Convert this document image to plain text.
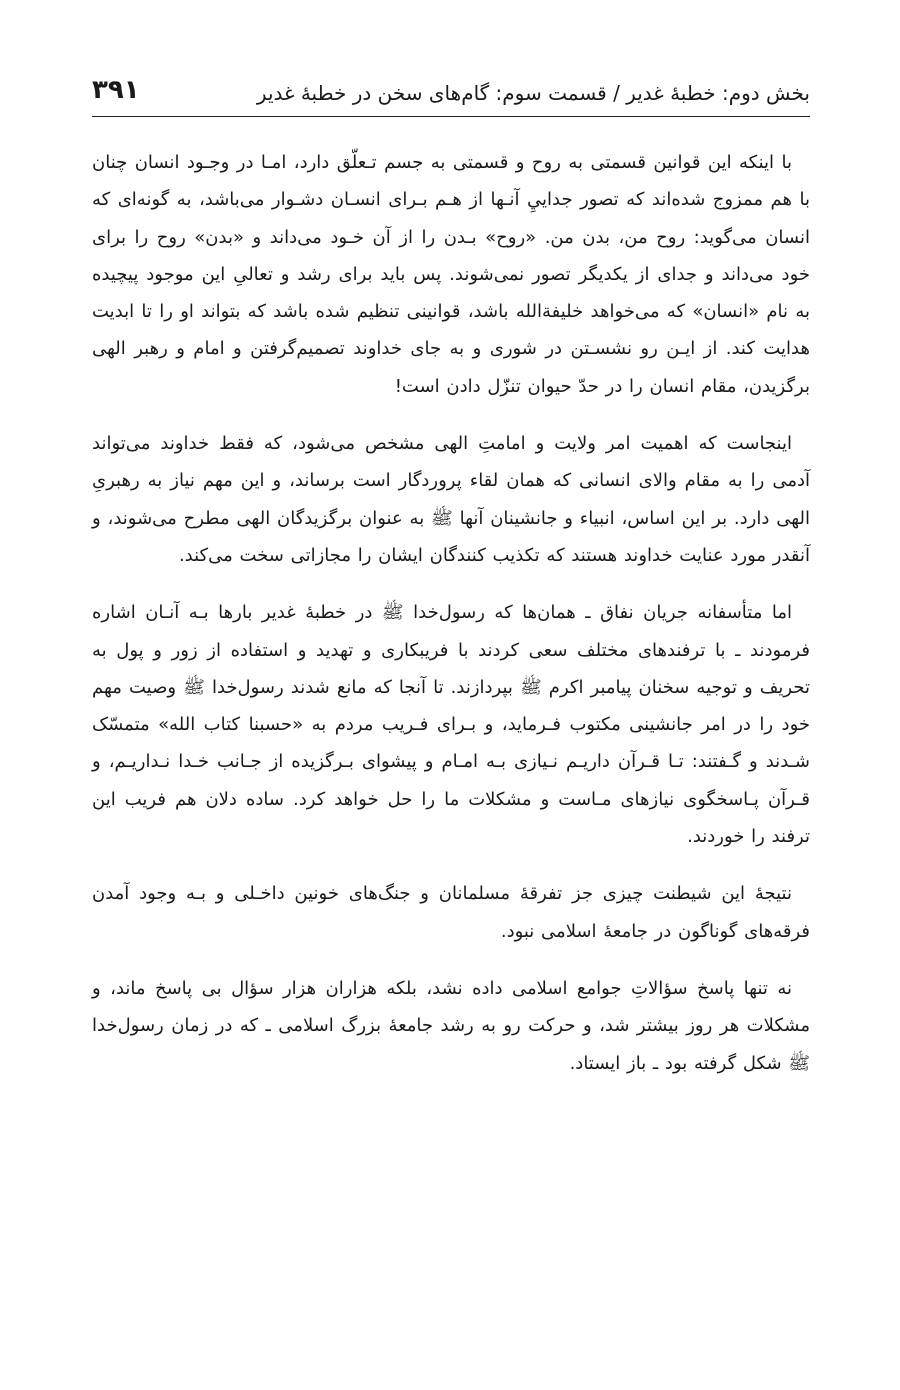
بخش دوم: خطبهٔ غدیر / قسمت سوم: گام‌های سخن در خطبهٔ غدیر
۳۹۱

با اینکه این قوانین قسمتی به روح و قسمتی به جسم تـعلّق دارد، امـا در وجـود انسان چنان با هم ممزوج شده‌اند که تصور جدایيِ آنـها از هـم بـرای انسـان دشـوار می‌باشد، به گونه‌ای که انسان می‌گوید: روح من، بدن من. «روح» بـدن را از آن خـود می‌داند و «بدن» روح را برای خود می‌داند و جدای از یکدیگر تصور نمی‌شوند. پس باید برای رشد و تعالیِ این موجود پیچیده به نام «انسان» که می‌خواهد خلیفة‌الله باشد، قوانینی تنظیم شده باشد که بتواند او را تا ابدیت هدایت کند. از ایـن رو نشسـتن در شوری و به جای خداوند تصمیم‌گرفتن و امام و رهبر الهی برگزیدن، مقام انسان را در حدّ حیوان تنزّل دادن است!

اینجاست که اهمیت امر ولایت و امامتِ الهی مشخص می‌شود، که فقط خداوند می‌تواند آدمی را به مقام والای انسانی که همان لقاء پروردگار است برساند، و این مهم نیاز به رهبریِ الهی دارد. بر این اساس، انبیاء و جانشینان آنها ﷺ به عنوان برگزیدگان الهی مطرح می‌شوند، و آنقدر مورد عنایت خداوند هستند که تکذیب کنندگان ایشان را مجازاتی سخت می‌کند.

اما متأسفانه جریان نفاق ـ همان‌ها که رسول‌خدا ﷺ در خطبهٔ غدیر بارها بـه آنـان اشاره فرمودند ـ با ترفندهای مختلف سعی کردند با فریبکاری و تهدید و استفاده از زور و پول به تحریف و توجیه سخنان پیامبر اکرم ﷺ بپردازند. تا آنجا که مانع شدند رسول‌خدا ﷺ وصیت مهم خود را در امر جانشینی مکتوب فـرماید، و بـرای فـریب مردم به «حسبنا کتاب الله» متمسّک شـدند و گـفتند: تـا قـرآن داریـم نـیازی بـه امـام و پیشوای بـرگزیده از جـانب خـدا نـداریـم، و قـرآن پـاسخگوی نیازهای مـاست و مشکلات ما را حل خواهد کرد. ساده دلان هم فریب این ترفند را خوردند.

نتیجهٔ این شیطنت چیزی جز تفرقهٔ مسلمانان و جنگ‌های خونین داخـلی و بـه وجود آمدن فرقه‌های گوناگون در جامعهٔ اسلامی نبود.

نه تنها پاسخ سؤالاتِ جوامع اسلامی داده نشد، بلکه هزاران هزار سؤال بی پاسخ ماند، و مشکلات هر روز بیشتر شد، و حرکت رو به رشد جامعهٔ بزرگ اسلامی ـ که در زمان رسول‌خدا ﷺ شکل گرفته بود ـ باز ایستاد.
